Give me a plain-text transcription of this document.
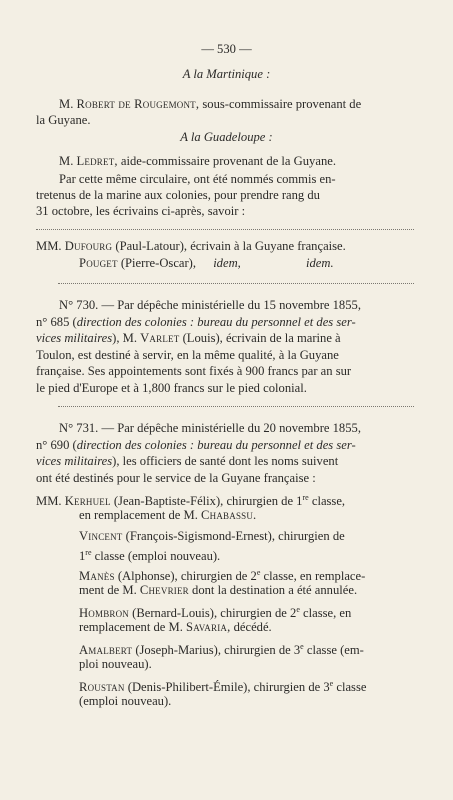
— 530 —
A la Martinique :
M. Robert de Rougemont, sous-commissaire provenant de
la Guyane.
A la Guadeloupe :
M. Ledret, aide-commissaire provenant de la Guyane.
Par cette même circulaire, ont été nommés commis en-
tretenus de la marine aux colonies, pour prendre rang du
31 octobre, les écrivains ci-après, savoir :
MM. Dufourg (Paul-Latour), écrivain à la Guyane française.
Pouget (Pierre-Oscar), idem,	idem.
N° 730. — Par dépêche ministérielle du 15 novembre 1855,
n° 685 (direction des colonies : bureau du personnel et des ser-
vices militaires), M. Varlet (Louis), écrivain de la marine à
Toulon, est destiné à servir, en la même qualité, à la Guyane
française. Ses appointements sont fixés à 900 francs par an sur
le pied d'Europe et à 1,800 francs sur le pied colonial.
N° 731. — Par dépêche ministérielle du 20 novembre 1855,
n° 690 (direction des colonies : bureau du personnel et des ser-
vices militaires), les officiers de santé dont les noms suivent
ont été destinés pour le service de la Guyane française :
MM. Kerhuel (Jean-Baptiste-Félix), chirurgien de 1re classe,
en remplacement de M. Chabassu.
Vincent (François-Sigismond-Ernest), chirurgien de
1re classe (emploi nouveau).
Manès (Alphonse), chirurgien de 2e classe, en remplace-
ment de M. Chevrier dont la destination a été annulée.
Hombron (Bernard-Louis), chirurgien de 2e classe, en
remplacement de M. Savaria, décédé.
Amalbert (Joseph-Marius), chirurgien de 3e classe (em-
ploi nouveau).
Roustan (Denis-Philibert-Émile), chirurgien de 3e classe
(emploi nouveau).
